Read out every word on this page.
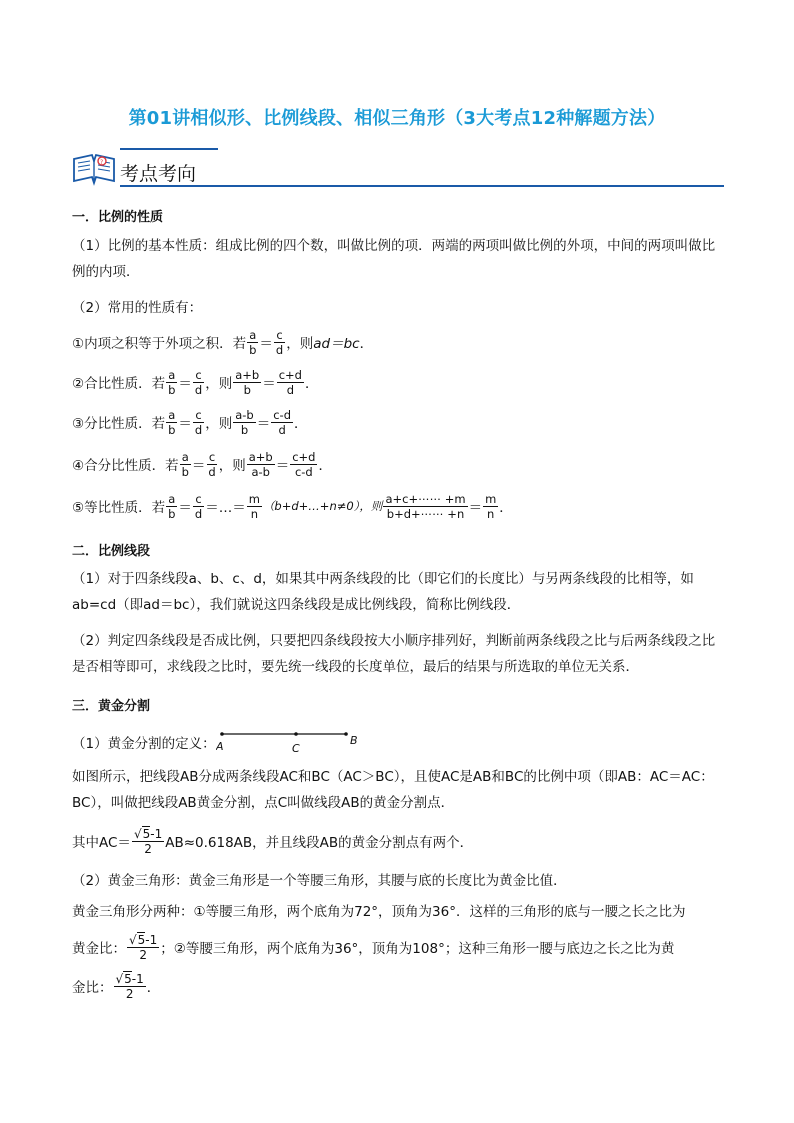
第01讲相似形、比例线段、相似三角形（3大考点12种解题方法）
?
考点考向
一．比例的性质
（1）比例的基本性质：组成比例的四个数，叫做比例的项．两端的两项叫做比例的外项，中间的两项叫做比例的内项．
（2）常用的性质有：
①内项之积等于外项之积．若 $\frac{a}{b} = \frac{c}{d}$ ，则 ad＝bc ．
②合比性质．若 $\frac{a}{b} = \frac{c}{d}$ ，则 $\frac{a+b}{b} = \frac{c+d}{d}$ ．
③分比性质．若 $\frac{a}{b} = \frac{c}{d}$ ，则 $\frac{a-b}{b} = \frac{c-d}{d}$ ．
④合分比性质．若 $\frac{a}{b} = \frac{c}{d}$ ，则 $\frac{a+b}{a-b} = \frac{c+d}{c-d}$ ．
⑤等比性质．若 $\frac{a}{b} = \frac{c}{d}$ ＝…＝ $\frac{m}{n}$ （b+d+…+n≠0），则 $\frac{a+c+\cdots\cdots +m}{b+d+\cdots\cdots +n} = \frac{m}{n}$ ．
二．比例线段
（1）对于四条线段a、b、c、d，如果其中两条线段的比（即它们的长度比）与另两条线段的比相等，如ab=cd（即ad＝bc），我们就说这四条线段是成比例线段，简称比例线段．
（2）判定四条线段是否成比例，只要把四条线段按大小顺序排列好，判断前两条线段之比与后两条线段之比是否相等即可，求线段之比时，要先统一线段的长度单位，最后的结果与所选取的单位无关系．
三．黄金分割
（1）黄金分割的定义： A	C
B
如图所示，把线段AB分成两条线段AC和BC（AC＞BC），且使AC是AB和BC的比例中项（即AB：AC＝AC：BC），叫做把线段AB黄金分割，点C叫做线段AB的黄金分割点．
其中$AC= \frac{√5-1}{2} AB\approx 0.618AB$，并且线段AB的黄金分割点有两个．
（2）黄金三角形：黄金三角形是一个等腰三角形，其腰与底的长度比为黄金比值．
黄金三角形分两种：①等腰三角形，两个底角为72°，顶角为36°．这样的三角形的底与一腰之长之比为
黄金比： $\frac{√5-1}{2}$ ；②等腰三角形，两个底角为36°，顶角为108°；这种三角形一腰与底边之长之比为黄
金比： $\frac{√5-1}{2}$ ．
